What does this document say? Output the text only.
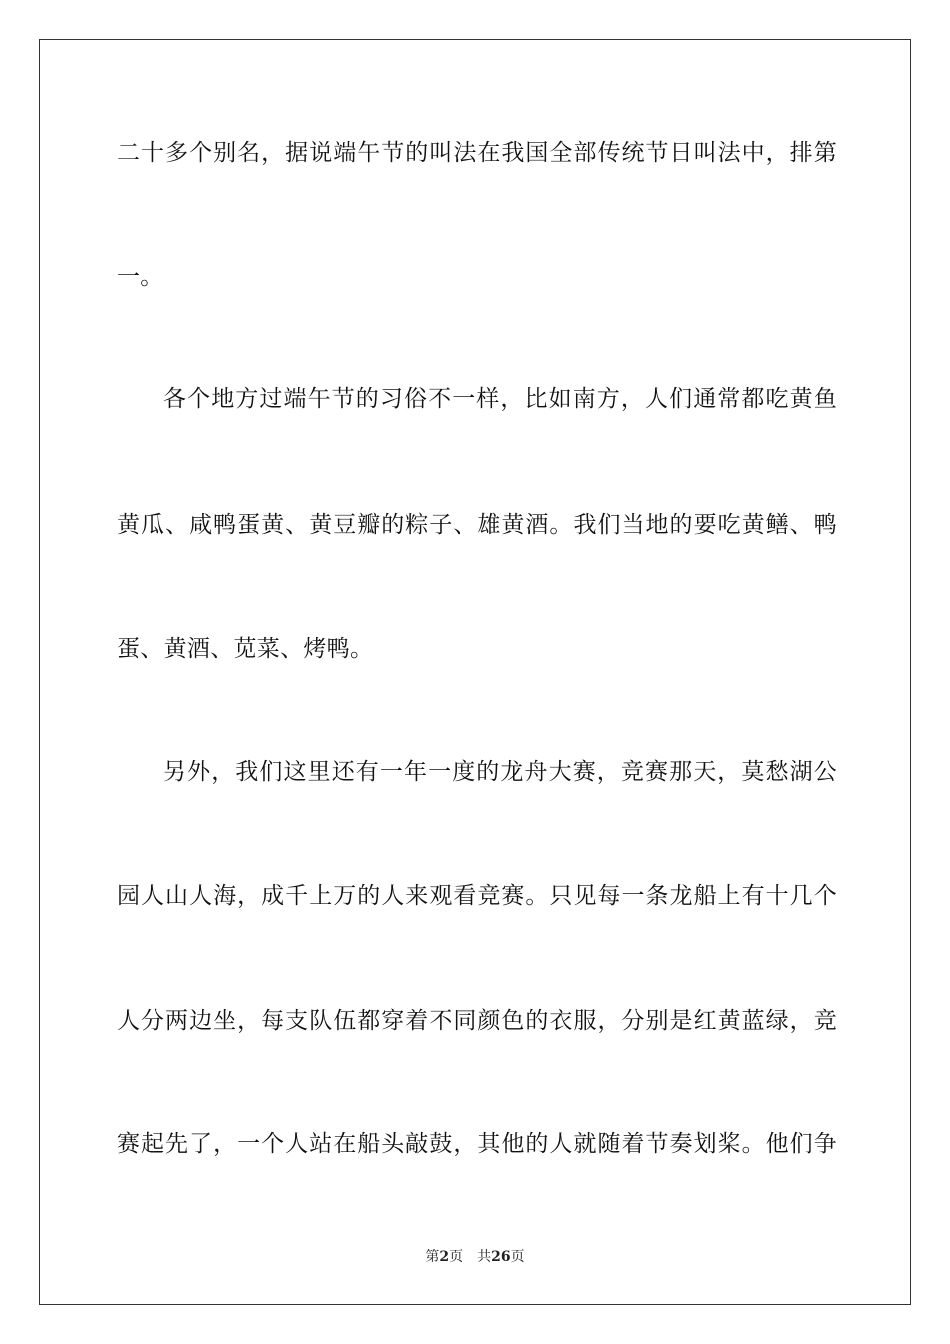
二十多个别名，据说端午节的叫法在我国全部传统节日叫法中，排第

一。

各个地方过端午节的习俗不一样，比如南方，人们通常都吃黄鱼

黄瓜、咸鸭蛋黄、黄豆瓣的粽子、雄黄酒。我们当地的要吃黄鳝、鸭

蛋、黄酒、苋菜、烤鸭。

另外，我们这里还有一年一度的龙舟大赛，竞赛那天，莫愁湖公

园人山人海，成千上万的人来观看竞赛。只见每一条龙船上有十几个

人分两边坐，每支队伍都穿着不同颜色的衣服，分别是红黄蓝绿，竞

赛起先了，一个人站在船头敲鼓，其他的人就随着节奏划桨。他们争

第2页 共26页
